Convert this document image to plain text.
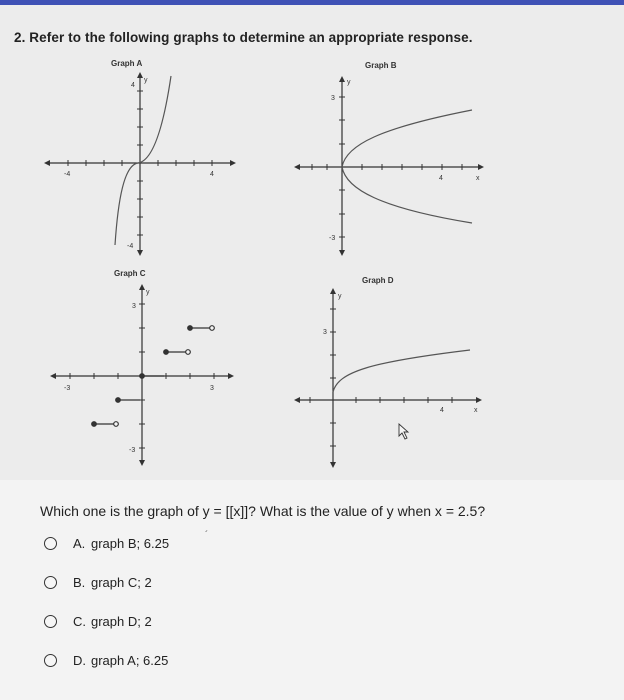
2. Refer to the following graphs to determine an appropriate response.
Graph A
-4	4
4
-4
y
Graph B
3
-3
4
y
x
Graph C
-3	3
3
-3
y
Graph D
3
4
y
x
Which one is the graph of y = [[x]]? What is the value of y when x = 2.5?
A. graph B; 6.25	´
B. graph C; 2
C. graph D; 2
D. graph A; 6.25
